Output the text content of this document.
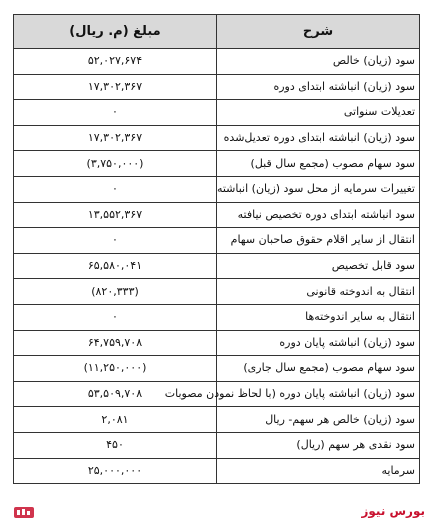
شرح	مبلغ (م. ریال)
سود (زیان) خالص	۵۲,۰۲۷,۶۷۴
سود (زیان) انباشته ابتدای دوره	۱۷,۳۰۲,۳۶۷
تعدیلات سنواتی	۰
سود (زیان) انباشته ابتدای دوره تعدیل‌شده	۱۷,۳۰۲,۳۶۷
سود سهام مصوب (مجمع سال قبل)	(۳,۷۵۰,۰۰۰)
تغییرات سرمایه از محل سود (زیان) انباشته	۰
سود انباشته ابتدای دوره تخصیص نیافته	۱۳,۵۵۲,۳۶۷
انتقال از سایر اقلام حقوق صاحبان سهام	۰
سود قابل تخصیص	۶۵,۵۸۰,۰۴۱
انتقال به اندوخته قانونی	(۸۲۰,۳۳۳)
انتقال به سایر اندوخته‌ها	۰
سود (زیان) انباشته پایان دوره	۶۴,۷۵۹,۷۰۸
سود سهام مصوب (مجمع سال جاری)	(۱۱,۲۵۰,۰۰۰)
سود (زیان) انباشته پایان دوره (با لحاظ نمودن مصوبات	۵۳,۵۰۹,۷۰۸
سود (زیان) خالص هر سهم- ریال	۲,۰۸۱
سود نقدی هر سهم (ریال)	۴۵۰
سرمایه	۲۵,۰۰۰,۰۰۰
بورس نیوز
